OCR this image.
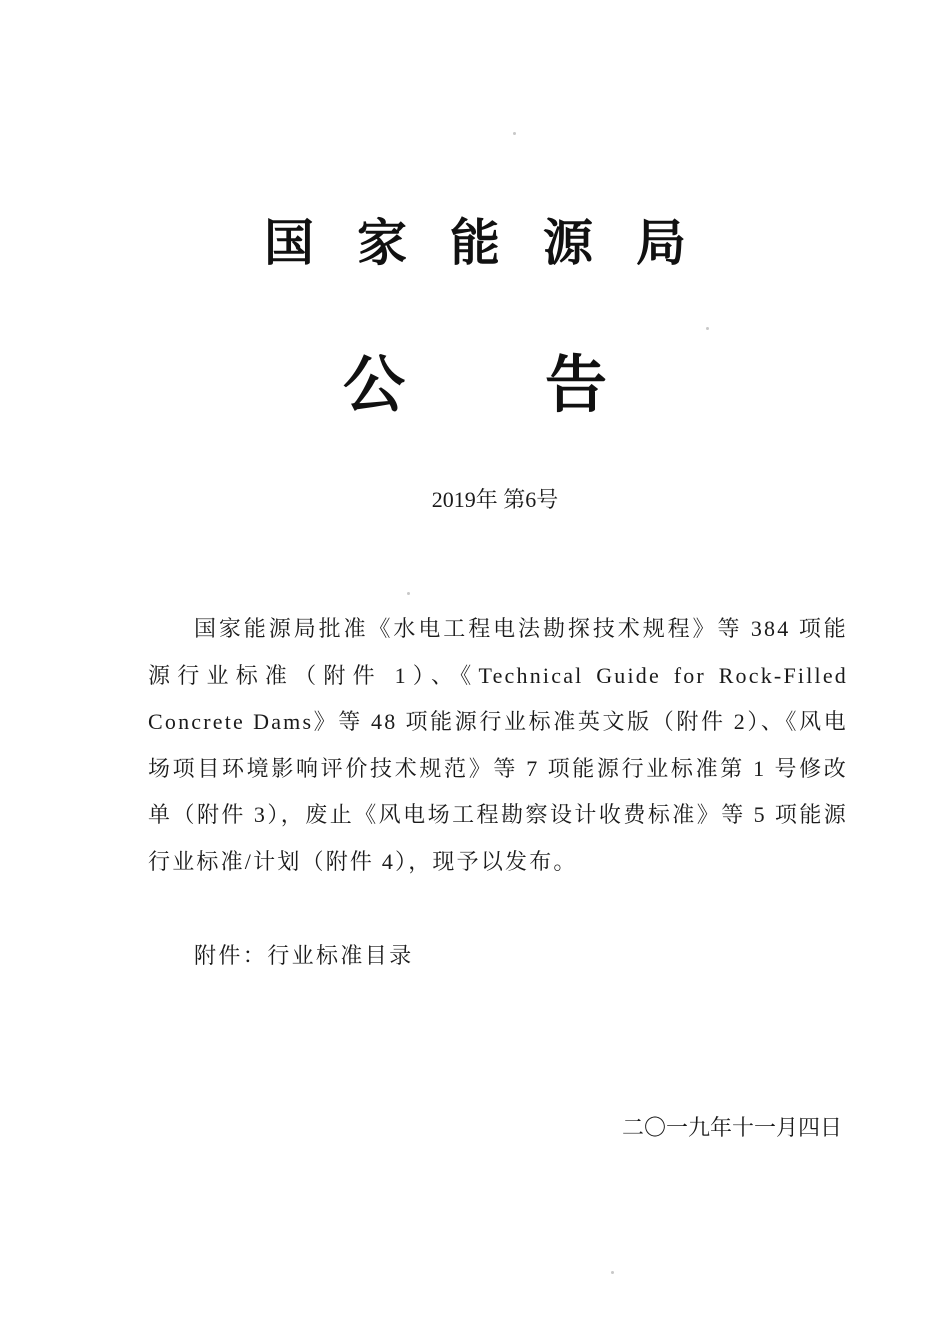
国家能源局
公告
2019年 第6号

国家能源局批准《水电工程电法勘探技术规程》等 384 项能源行业标准（附件 1）、《Technical Guide for Rock-Filled Concrete Dams》等 48 项能源行业标准英文版（附件 2）、《风电场项目环境影响评价技术规范》等 7 项能源行业标准第 1 号修改单（附件 3），废止《风电场工程勘察设计收费标准》等 5 项能源行业标准/计划（附件 4），现予以发布。

附件：行业标准目录
二〇一九年十一月四日
